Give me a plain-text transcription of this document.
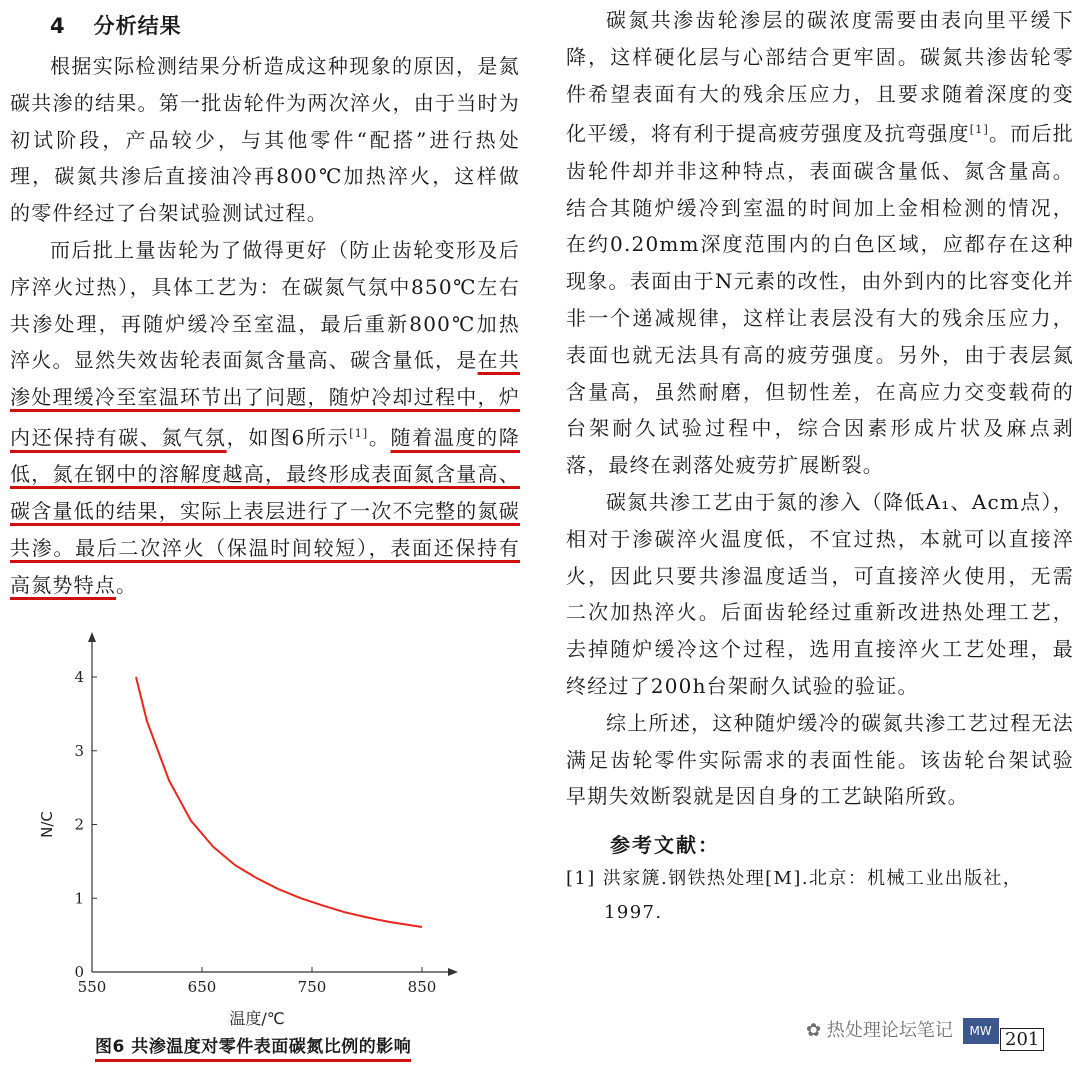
4 分析结果

根据实际检测结果分析造成这种现象的原因，是氮碳共渗的结果。第一批齿轮件为两次淬火，由于当时为初试阶段，产品较少，与其他零件“配搭”进行热处理，碳氮共渗后直接油冷再800℃加热淬火，这样做的零件经过了台架试验测试过程。

而后批上量齿轮为了做得更好（防止齿轮变形及后序淬火过热），具体工艺为：在碳氮气氛中850℃左右共渗处理，再随炉缓冷至室温，最后重新800℃加热淬火。显然失效齿轮表面氮含量高、碳含量低，是在共渗处理缓冷至室温环节出了问题，随炉冷却过程中，炉内还保持有碳、氮气氛，如图6所示[1]。随着温度的降低，氮在钢中的溶解度越高，最终形成表面氮含量高、碳含量低的结果，实际上表层进行了一次不完整的氮碳共渗。最后二次淬火（保温时间较短），表面还保持有高氮势特点。

550	650	750	850
0
1
2
3
4
温度/℃
N/C
图6 共渗温度对零件表面碳氮比例的影响

碳氮共渗齿轮渗层的碳浓度需要由表向里平缓下降，这样硬化层与心部结合更牢固。碳氮共渗齿轮零件希望表面有大的残余压应力，且要求随着深度的变化平缓，将有利于提高疲劳强度及抗弯强度[1]。而后批齿轮件却并非这种特点，表面碳含量低、氮含量高。结合其随炉缓冷到室温的时间加上金相检测的情况，在约0.20mm深度范围内的白色区域，应都存在这种现象。表面由于N元素的改性，由外到内的比容变化并非一个递减规律，这样让表层没有大的残余压应力，表面也就无法具有高的疲劳强度。另外，由于表层氮含量高，虽然耐磨，但韧性差，在高应力交变载荷的台架耐久试验过程中，综合因素形成片状及麻点剥落，最终在剥落处疲劳扩展断裂。

碳氮共渗工艺由于氮的渗入（降低A₁、Acm点），相对于渗碳淬火温度低，不宜过热，本就可以直接淬火，因此只要共渗温度适当，可直接淬火使用，无需二次加热淬火。后面齿轮经过重新改进热处理工艺，去掉随炉缓冷这个过程，选用直接淬火工艺处理，最终经过了200h台架耐久试验的验证。

综上所述，这种随炉缓冷的碳氮共渗工艺过程无法满足齿轮零件实际需求的表面性能。该齿轮台架试验早期失效断裂就是因自身的工艺缺陷所致。

参考文献：
[1] 洪家篪.钢铁热处理[M].北京：机械工业出版社，1997.
✿ 热处理论坛笔记 MW 201
